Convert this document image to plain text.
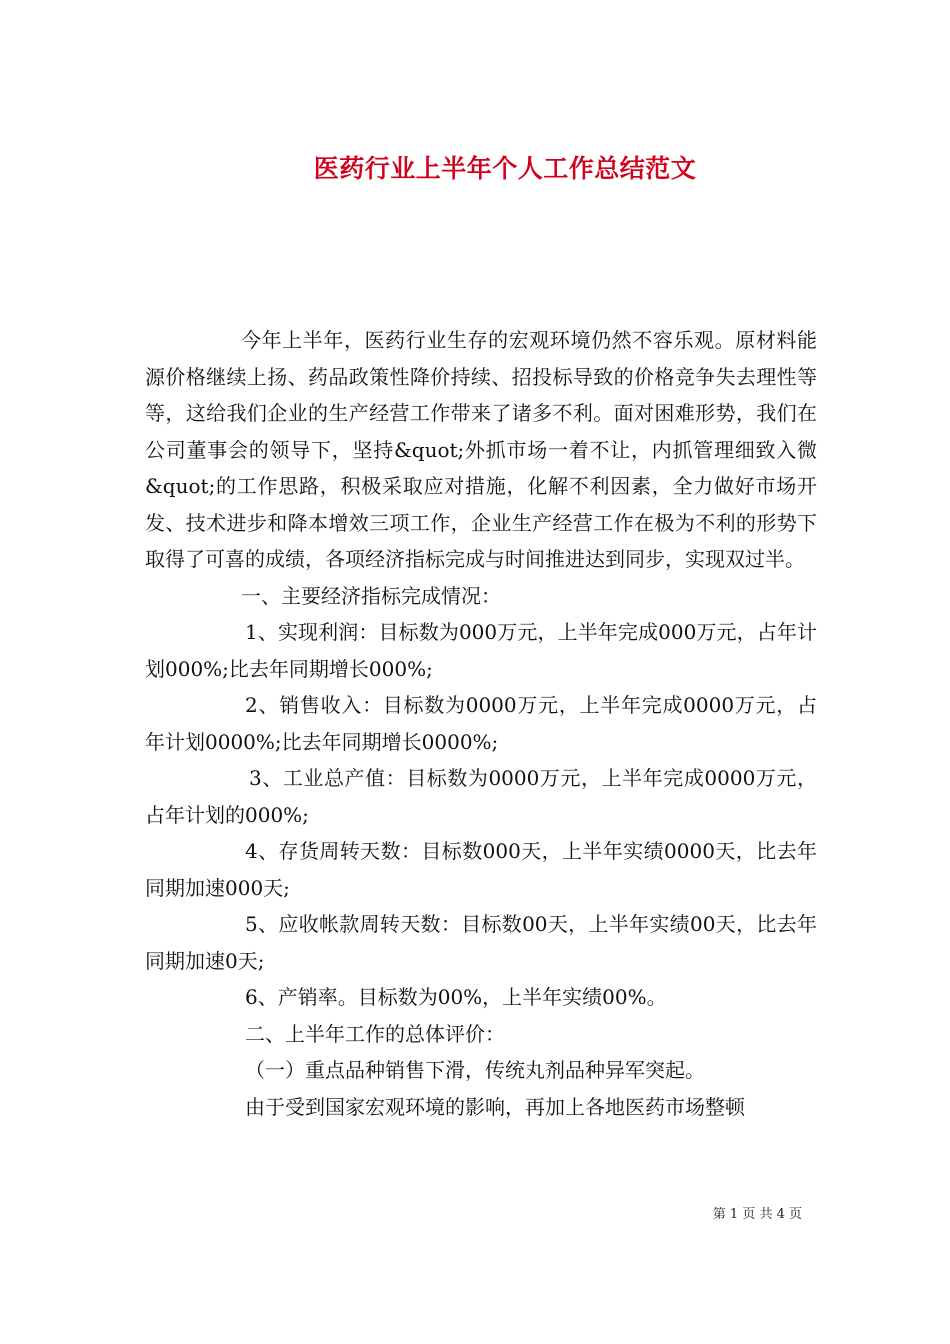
医药行业上半年个人工作总结范文

今年上半年，医药行业生存的宏观环境仍然不容乐观。原材料能源价格继续上扬、药品政策性降价持续、招投标导致的价格竞争失去理性等等，这给我们企业的生产经营工作带来了诸多不利。面对困难形势，我们在公司董事会的领导下，坚持&quot;外抓市场一着不让，内抓管理细致入微&quot;的工作思路，积极采取应对措施，化解不利因素，全力做好市场开发、技术进步和降本增效三项工作，企业生产经营工作在极为不利的形势下取得了可喜的成绩，各项经济指标完成与时间推进达到同步，实现双过半。

一、主要经济指标完成情况：

1、实现利润：目标数为000万元，上半年完成000万元，占年计划000%;比去年同期增长000%;

2、销售收入：目标数为0000万元，上半年完成0000万元，占年计划0000%;比去年同期增长0000%;

3、工业总产值：目标数为0000万元，上半年完成0000万元，占年计划的000%;

4、存货周转天数：目标数000天，上半年实绩0000天，比去年同期加速000天;

5、应收帐款周转天数：目标数00天，上半年实绩00天，比去年同期加速0天;

6、产销率。目标数为00%，上半年实绩00%。

二、上半年工作的总体评价：

（一）重点品种销售下滑，传统丸剂品种异军突起。

由于受到国家宏观环境的影响，再加上各地医药市场整顿

第 1 页 共 4 页
